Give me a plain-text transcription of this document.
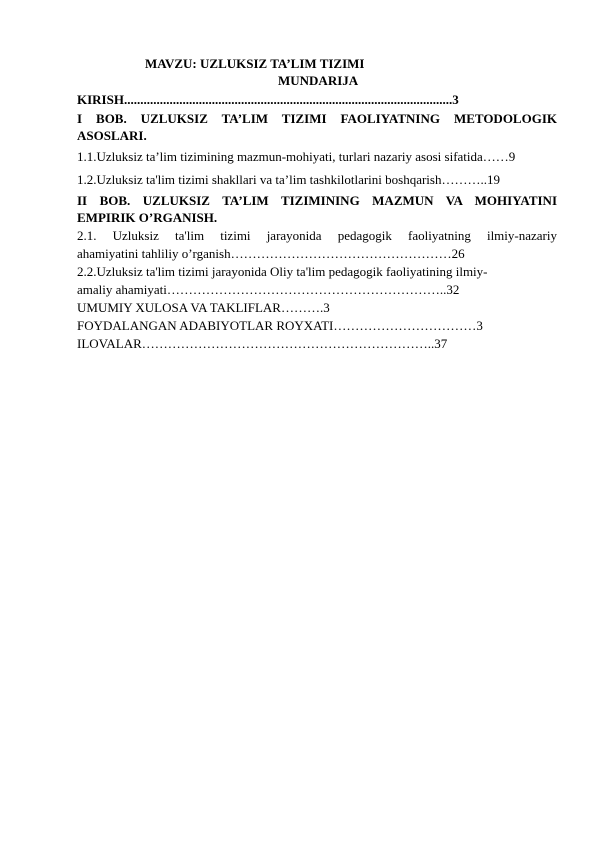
MAVZU: UZLUKSIZ TA’LIM TIZIMI
MUNDARIJA
KIRISH.....................................................................................................3
I BOB. UZLUKSIZ TA’LIM TIZIMI FAOLIYATNING METODOLOGIK
ASOSLARI.
1.1.Uzluksiz ta’lim tizimining mazmun-mohiyati, turlari nazariy asosi sifatida……9
1.2.Uzluksiz ta'lim tizimi shakllari va ta’lim tashkilotlarini boshqarish………..19
II BOB. UZLUKSIZ TA’LIM TIZIMINING MAZMUN VA MOHIYATINI
EMPIRIK O’RGANISH.
2.1. Uzluksiz ta'lim tizimi jarayonida pedagogik faoliyatning ilmiy-nazariy
ahamiyatini tahliliy o’rganish……………………………………………26
2.2.Uzluksiz ta'lim tizimi jarayonida Oliy ta'lim pedagogik faoliyatining ilmiy-
amaliy ahamiyati………………………………………………………..32
UMUMIY XULOSA VA TAKLIFLAR……….3
FOYDALANGAN ADABIYOTLAR ROYXATI……………………………3
ILOVALAR…………………………………………………………..37
